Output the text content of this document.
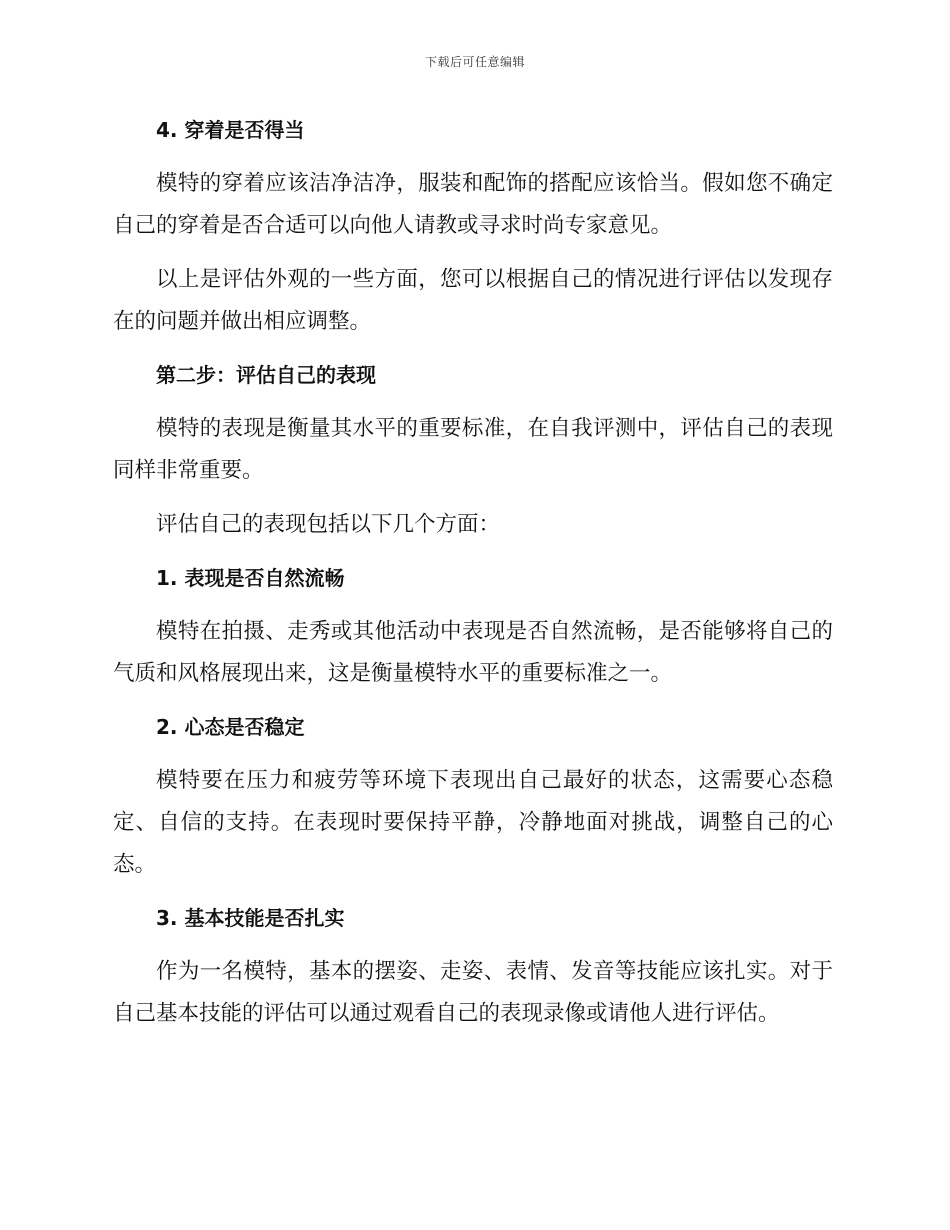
下载后可任意编辑
4. 穿着是否得当

模特的穿着应该洁净洁净，服装和配饰的搭配应该恰当。假如您不确定自己的穿着是否合适可以向他人请教或寻求时尚专家意见。

以上是评估外观的一些方面，您可以根据自己的情况进行评估以发现存在的问题并做出相应调整。

第二步：评估自己的表现

模特的表现是衡量其水平的重要标准，在自我评测中，评估自己的表现同样非常重要。

评估自己的表现包括以下几个方面：

1. 表现是否自然流畅

模特在拍摄、走秀或其他活动中表现是否自然流畅，是否能够将自己的气质和风格展现出来，这是衡量模特水平的重要标准之一。

2. 心态是否稳定

模特要在压力和疲劳等环境下表现出自己最好的状态，这需要心态稳定、自信的支持。在表现时要保持平静，冷静地面对挑战，调整自己的心态。

3. 基本技能是否扎实

作为一名模特，基本的摆姿、走姿、表情、发音等技能应该扎实。对于自己基本技能的评估可以通过观看自己的表现录像或请他人进行评估。
